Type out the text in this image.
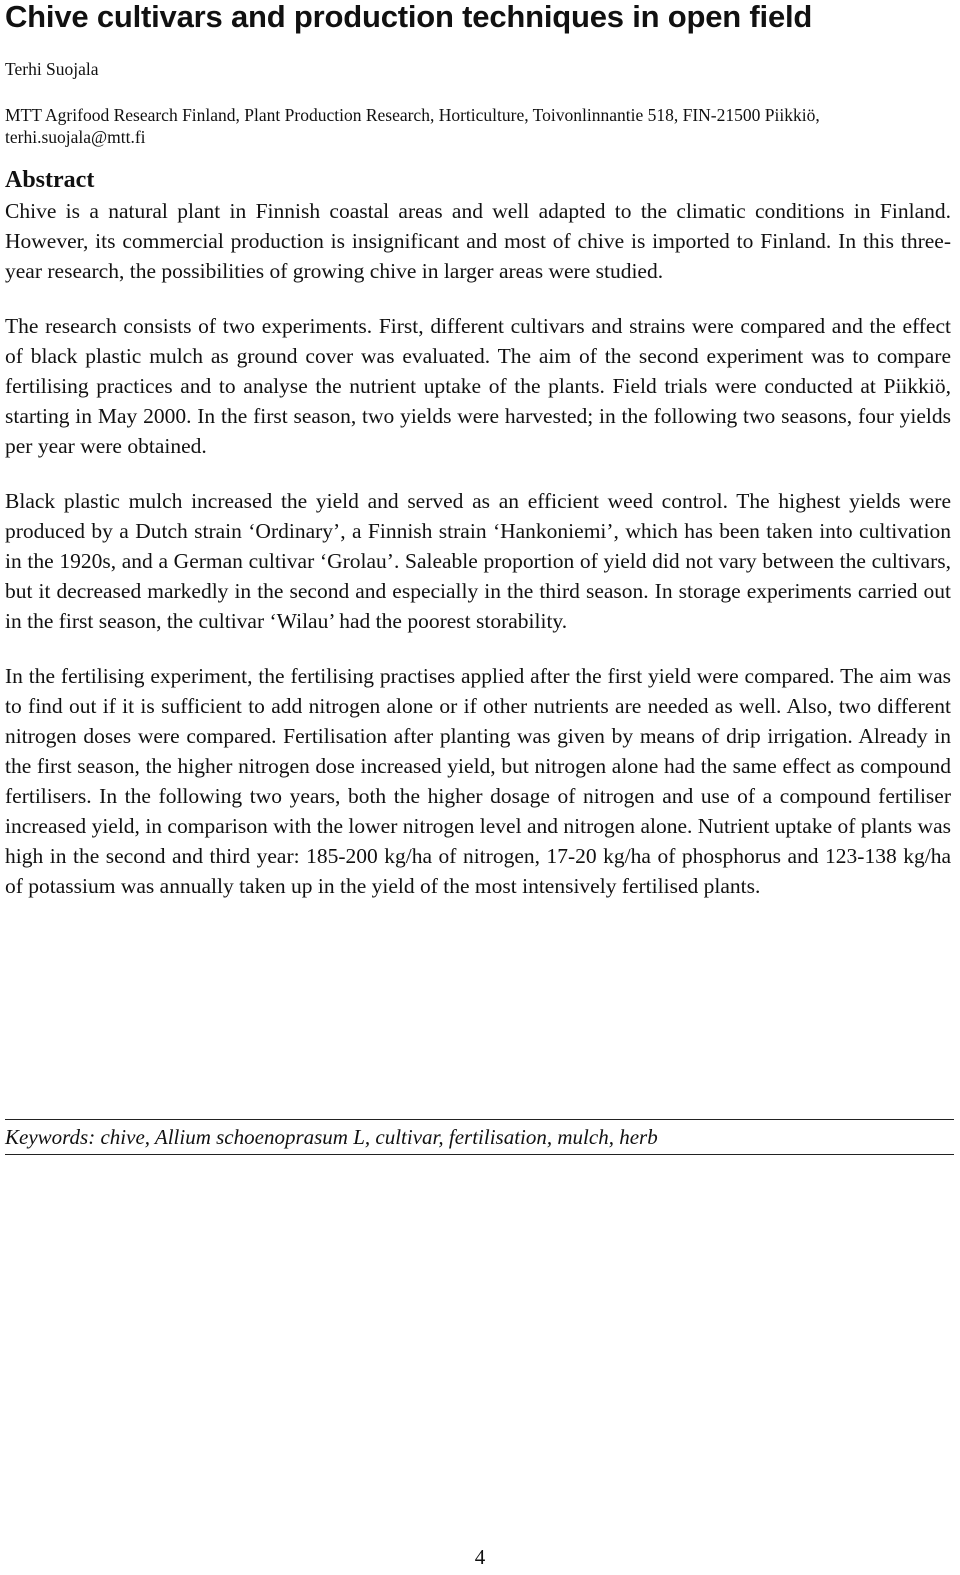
Chive cultivars and production techniques in open field
Terhi Suojala
MTT Agrifood Research Finland, Plant Production Research, Horticulture, Toivonlinnantie 518, FIN-21500 Piikkiö,
terhi.suojala@mtt.fi
Abstract

Chive is a natural plant in Finnish coastal areas and well adapted to the climatic conditions in Finland. However, its commercial production is insignificant and most of chive is imported to Finland. In this three-year research, the possibilities of growing chive in larger areas were studied.

The research consists of two experiments. First, different cultivars and strains were compared and the effect of black plastic mulch as ground cover was evaluated. The aim of the second experiment was to compare fertilising practices and to analyse the nutrient uptake of the plants. Field trials were conducted at Piikkiö, starting in May 2000. In the first season, two yields were harvested; in the following two seasons, four yields per year were obtained.

Black plastic mulch increased the yield and served as an efficient weed control. The highest yields were produced by a Dutch strain ‘Ordinary’, a Finnish strain ‘Hankoniemi’, which has been taken into cultivation in the 1920s, and a German cultivar ‘Grolau’. Saleable proportion of yield did not vary between the cultivars, but it decreased markedly in the second and especially in the third season. In storage experiments carried out in the first season, the cultivar ‘Wilau’ had the poorest storability.

In the fertilising experiment, the fertilising practises applied after the first yield were compared. The aim was to find out if it is sufficient to add nitrogen alone or if other nutrients are needed as well. Also, two different nitrogen doses were compared. Fertilisation after planting was given by means of drip irrigation. Already in the first season, the higher nitrogen dose increased yield, but nitrogen alone had the same effect as compound fertilisers. In the following two years, both the higher dosage of nitrogen and use of a compound fertiliser increased yield, in comparison with the lower nitrogen level and nitrogen alone. Nutrient uptake of plants was high in the second and third year: 185-200 kg/ha of nitrogen, 17-20 kg/ha of phosphorus and 123-138 kg/ha of potassium was annually taken up in the yield of the most intensively fertilised plants.

Keywords: chive, Allium schoenoprasum L, cultivar, fertilisation, mulch, herb
4
